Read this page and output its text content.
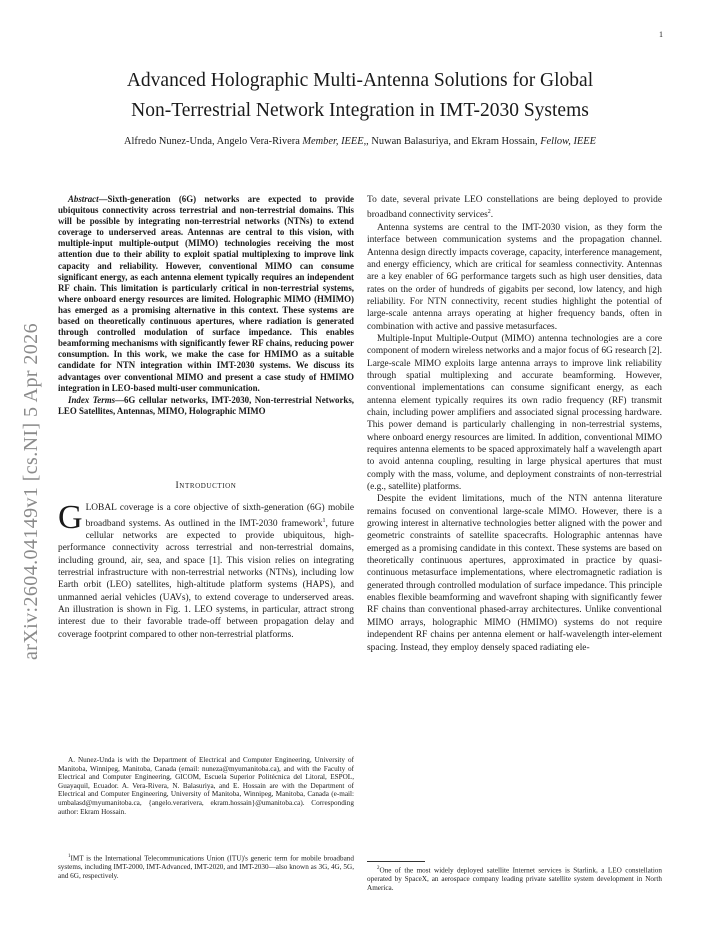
1
arXiv:2604.04149v1 [cs.NI] 5 Apr 2026
Advanced Holographic Multi-Antenna Solutions for Global
Non-Terrestrial Network Integration in IMT-2030 Systems
Alfredo Nunez-Unda, Angelo Vera-Rivera Member, IEEE,, Nuwan Balasuriya, and Ekram Hossain, Fellow, IEEE

Abstract—Sixth-generation (6G) networks are expected to provide ubiquitous connectivity across terrestrial and non-terrestrial domains. This will be possible by integrating non-terrestrial networks (NTNs) to extend coverage to underserved areas. Antennas are central to this vision, with multiple-input multiple-output (MIMO) technologies receiving the most attention due to their ability to exploit spatial multiplexing to improve link capacity and reliability. However, conventional MIMO can consume significant energy, as each antenna element typically requires an independent RF chain. This limitation is particularly critical in non-terrestrial systems, where onboard energy resources are limited. Holographic MIMO (HMIMO) has emerged as a promising alternative in this context. These systems are based on theoretically continuous apertures, where radiation is generated through controlled modulation of surface impedance. This enables beamforming mechanisms with significantly fewer RF chains, reducing power consumption. In this work, we make the case for HMIMO as a suitable candidate for NTN integration within IMT-2030 systems. We discuss its advantages over conventional MIMO and present a case study of HMIMO integration in LEO-based multi-user communication.

Index Terms—6G cellular networks, IMT-2030, Non-terrestrial Networks, LEO Satellites, Antennas, MIMO, Holographic MIMO

Introduction

GLOBAL coverage is a core objective of sixth-generation (6G) mobile broadband systems. As outlined in the IMT-2030 framework$^1$, future cellular networks are expected to provide ubiquitous, high-performance connectivity across terrestrial and non-terrestrial domains, including ground, air, sea, and space [1]. This vision relies on integrating terrestrial infrastructure with non-terrestrial networks (NTNs), including low Earth orbit (LEO) satellites, high-altitude platform systems (HAPS), and unmanned aerial vehicles (UAVs), to extend coverage to underserved areas. An illustration is shown in Fig. 1. LEO systems, in particular, attract strong interest due to their favorable trade-off between propagation delay and coverage footprint compared to other non-terrestrial platforms.

A. Nunez-Unda is with the Department of Electrical and Computer Engineering, University of Manitoba, Winnipeg, Manitoba, Canada (email: nuneza@myumanitoba.ca), and with the Faculty of Electrical and Computer Engineering, GICOM, Escuela Superior Politécnica del Litoral, ESPOL, Guayaquil, Ecuador. A. Vera-Rivera, N. Balasuriya, and E. Hossain are with the Department of Electrical and Computer Engineering, University of Manitoba, Winnipeg, Manitoba, Canada (e-mail: umbalasd@myumanitoba.ca, {angelo.verarivera, ekram.hossain}@umanitoba.ca). Corresponding author: Ekram Hossain.
$^1$IMT is the International Telecommunications Union (ITU)'s generic term for mobile broadband systems, including IMT-2000, IMT-Advanced, IMT-2020, and IMT-2030—also known as 3G, 4G, 5G, and 6G, respectively.

To date, several private LEO constellations are being deployed to provide broadband connectivity services$^2$.

Antenna systems are central to the IMT-2030 vision, as they form the interface between communication systems and the propagation channel. Antenna design directly impacts coverage, capacity, interference management, and energy efficiency, which are critical for seamless connectivity. Antennas are a key enabler of 6G performance targets such as high user densities, data rates on the order of hundreds of gigabits per second, low latency, and high reliability. For NTN connectivity, recent studies highlight the potential of large-scale antenna arrays operating at higher frequency bands, often in combination with active and passive metasurfaces.

Multiple-Input Multiple-Output (MIMO) antenna technologies are a core component of modern wireless networks and a major focus of 6G research [2]. Large-scale MIMO exploits large antenna arrays to improve link reliability through spatial multiplexing and accurate beamforming. However, conventional implementations can consume significant energy, as each antenna element typically requires its own radio frequency (RF) transmit chain, including power amplifiers and associated signal processing hardware. This power demand is particularly challenging in non-terrestrial systems, where onboard energy resources are limited. In addition, conventional MIMO requires antenna elements to be spaced approximately half a wavelength apart to avoid antenna coupling, resulting in large physical apertures that must comply with the mass, volume, and deployment constraints of non-terrestrial (e.g., satellite) platforms.

Despite the evident limitations, much of the NTN antenna literature remains focused on conventional large-scale MIMO. However, there is a growing interest in alternative technologies better aligned with the power and geometric constraints of satellite spacecrafts. Holographic antennas have emerged as a promising candidate in this context. These systems are based on theoretically continuous apertures, approximated in practice by quasi-continuous metasurface implementations, where electromagnetic radiation is generated through controlled modulation of surface impedance. This principle enables flexible beamforming and wavefront shaping with significantly fewer RF chains than conventional phased-array architectures. Unlike conventional MIMO arrays, holographic MIMO (HMIMO) systems do not require independent RF chains per antenna element or half-wavelength inter-element spacing. Instead, they employ densely spaced radiating ele-

$^2$One of the most widely deployed satellite Internet services is Starlink, a LEO constellation operated by SpaceX, an aerospace company leading private satellite system development in North America.
